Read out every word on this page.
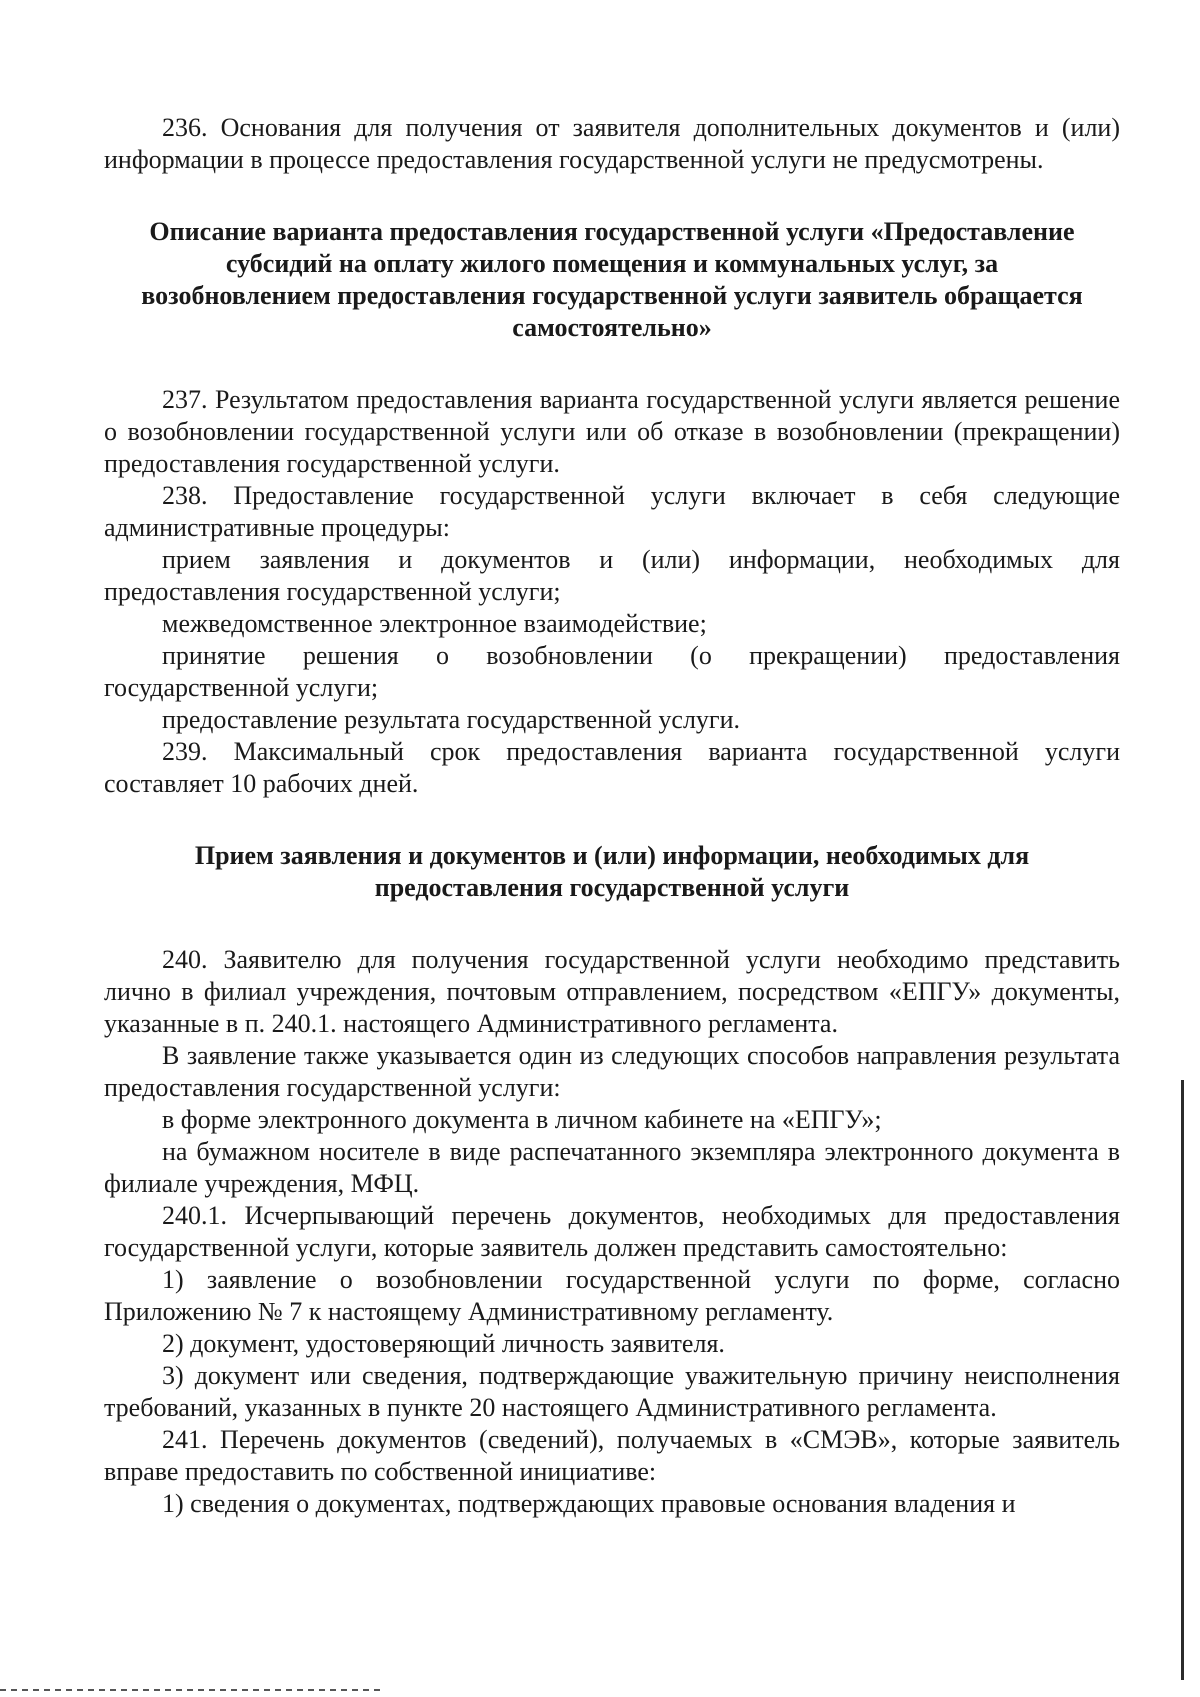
236. Основания для получения от заявителя дополнительных документов и (или) информации в процессе предоставления государственной услуги не предусмотрены.

Описание варианта предоставления государственной услуги «Предоставление субсидий на оплату жилого помещения и коммунальных услуг, за возобновлением предоставления государственной услуги заявитель обращается самостоятельно»

237. Результатом предоставления варианта государственной услуги является решение о возобновлении государственной услуги или об отказе в возобновлении (прекращении) предоставления государственной услуги.

238. Предоставление государственной услуги включает в себя следующие административные процедуры:

прием заявления и документов и (или) информации, необходимых для предоставления государственной услуги;

межведомственное электронное взаимодействие;

принятие решения о возобновлении (о прекращении) предоставления государственной услуги;

предоставление результата государственной услуги.

239. Максимальный срок предоставления варианта государственной услуги составляет 10 рабочих дней.

Прием заявления и документов и (или) информации, необходимых для предоставления государственной услуги

240. Заявителю для получения государственной услуги необходимо представить лично в филиал учреждения, почтовым отправлением, посредством «ЕПГУ» документы, указанные в п. 240.1. настоящего Административного регламента.

В заявление также указывается один из следующих способов направления результата предоставления государственной услуги:

в форме электронного документа в личном кабинете на «ЕПГУ»;

на бумажном носителе в виде распечатанного экземпляра электронного документа в филиале учреждения, МФЦ.

240.1. Исчерпывающий перечень документов, необходимых для предоставления государственной услуги, которые заявитель должен представить самостоятельно:

1) заявление о возобновлении государственной услуги по форме, согласно Приложению № 7 к настоящему Административному регламенту.

2) документ, удостоверяющий личность заявителя.

3) документ или сведения, подтверждающие уважительную причину неисполнения требований, указанных в пункте 20 настоящего Административного регламента.

241. Перечень документов (сведений), получаемых в «СМЭВ», которые заявитель вправе предоставить по собственной инициативе:

1) сведения о документах, подтверждающих правовые основания владения и
